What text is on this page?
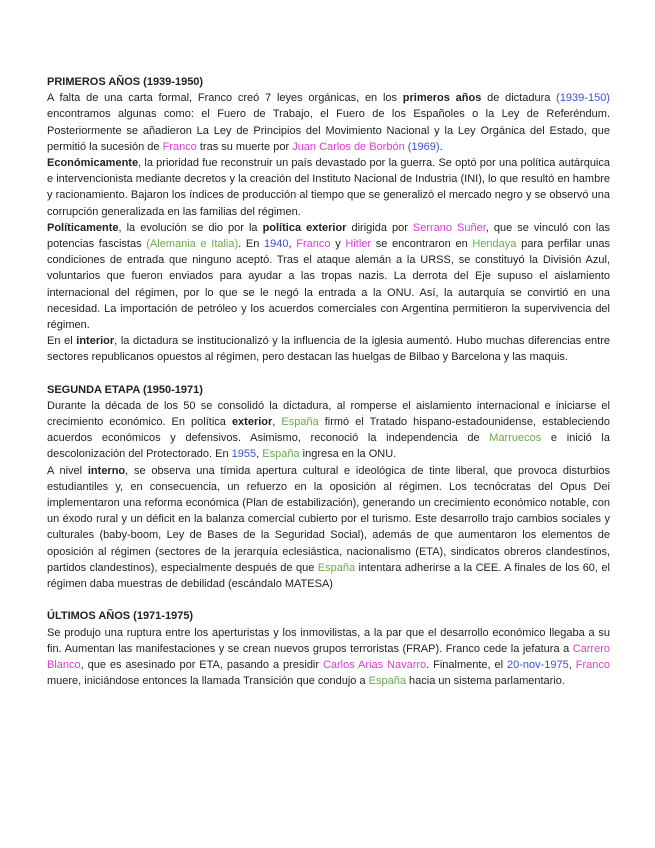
PRIMEROS AÑOS (1939-1950)

A falta de una carta formal, Franco creó 7 leyes orgánicas, en los primeros años de dictadura (1939-150) encontramos algunas como: el Fuero de Trabajo, el Fuero de los Españoles o la Ley de Referéndum. Posteriormente se añadieron La Ley de Principios del Movimiento Nacional y la Ley Orgánica del Estado, que permitió la sucesión de Franco tras su muerte por Juan Carlos de Borbón (1969).

Económicamente, la prioridad fue reconstruir un país devastado por la guerra. Se optó por una política autárquica e intervencionista mediante decretos y la creación del Instituto Nacional de Industria (INI), lo que resultó en hambre y racionamiento. Bajaron los índices de producción al tiempo que se generalizó el mercado negro y se observó una corrupción generalizada en las familias del régimen.

Políticamente, la evolución se dio por la política exterior dirigida por Serrano Suñer, que se vinculó con las potencias fascistas (Alemania e Italia). En 1940, Franco y Hitler se encontraron en Hendaya para perfilar unas condiciones de entrada que ninguno aceptó. Tras el ataque alemán a la URSS, se constituyó la División Azul, voluntarios que fueron enviados para ayudar a las tropas nazis. La derrota del Eje supuso el aislamiento internacional del régimen, por lo que se le negó la entrada a la ONU. Así, la autarquía se convirtió en una necesidad. La importación de petróleo y los acuerdos comerciales con Argentina permitieron la supervivencia del régimen.

En el interior, la dictadura se institucionalizó y la influencia de la iglesia aumentó. Hubo muchas diferencias entre sectores republicanos opuestos al régimen, pero destacan las huelgas de Bilbao y Barcelona y las maquis.

SEGUNDA ETAPA (1950-1971)

Durante la década de los 50 se consolidó la dictadura, al romperse el aislamiento internacional e iniciarse el crecimiento económico. En política exterior, España firmó el Tratado hispano-estadounidense, estableciendo acuerdos económicos y defensivos. Asimismo, reconoció la independencia de Marruecos e inició la descolonización del Protectorado. En 1955, España ingresa en la ONU.

A nivel interno, se observa una tímida apertura cultural e ideológica de tinte liberal, que provoca disturbios estudiantiles y, en consecuencia, un refuerzo en la oposición al régimen. Los tecnócratas del Opus Dei implementaron una reforma económica (Plan de estabilización), generando un crecimiento económico notable, con un éxodo rural y un déficit en la balanza comercial cubierto por el turismo. Este desarrollo trajo cambios sociales y culturales (baby-boom, Ley de Bases de la Seguridad Social), además de que aumentaron los elementos de oposición al régimen (sectores de la jerarquía eclesiástica, nacionalismo (ETA), sindicatos obreros clandestinos, partidos clandestinos), especialmente después de que España intentara adherirse a la CEE. A finales de los 60, el régimen daba muestras de debilidad (escándalo MATESA)

ÚLTIMOS AÑOS (1971-1975)

Se produjo una ruptura entre los aperturistas y los inmovilistas, a la par que el desarrollo económico llegaba a su fin. Aumentan las manifestaciones y se crean nuevos grupos terroristas (FRAP). Franco cede la jefatura a Carrero Blanco, que es asesinado por ETA, pasando a presidir Carlos Arias Navarro. Finalmente, el 20-nov-1975, Franco muere, iniciándose entonces la llamada Transición que condujo a España hacia un sistema parlamentario.
